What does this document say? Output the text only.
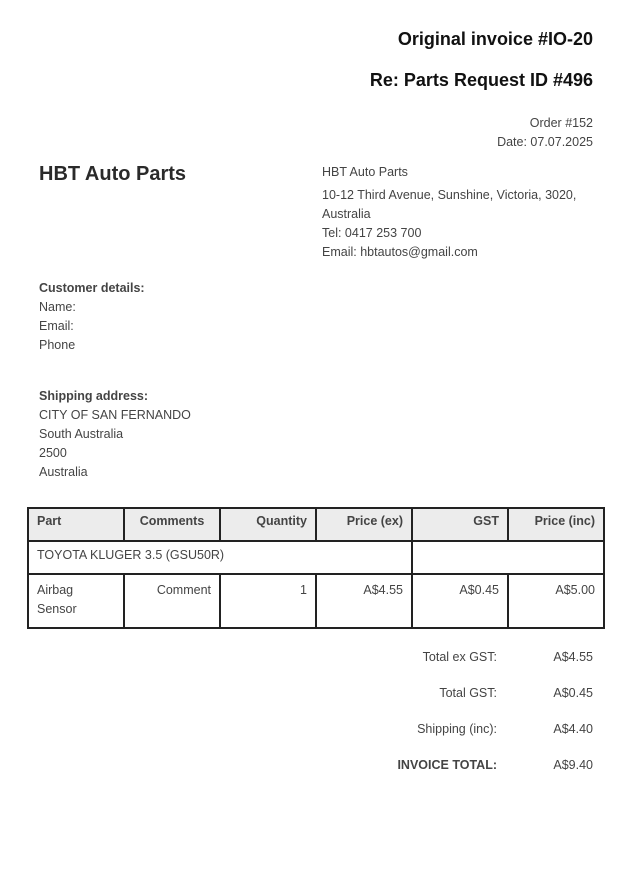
Original invoice #IO-20
Re: Parts Request ID #496
Order #152
Date: 07.07.2025
HBT Auto Parts	HBT Auto Parts
10-12 Third Avenue, Sunshine, Victoria, 3020, Australia
Tel: 0417 253 700
Email: hbtautos@gmail.com
Customer details:
Name:
Email:
Phone
Shipping address:
CITY OF SAN FERNANDO
South Australia
2500
Australia
Part	Comments	Quantity	Price (ex)	GST	Price (inc)
TOYOTA KLUGER 3.5 (GSU50R)					
Airbag Sensor	Comment	1	A$4.55	A$0.45	A$5.00
Total ex GST:	A$4.55
Total GST:	A$0.45
Shipping (inc):	A$4.40
INVOICE TOTAL:	A$9.40
